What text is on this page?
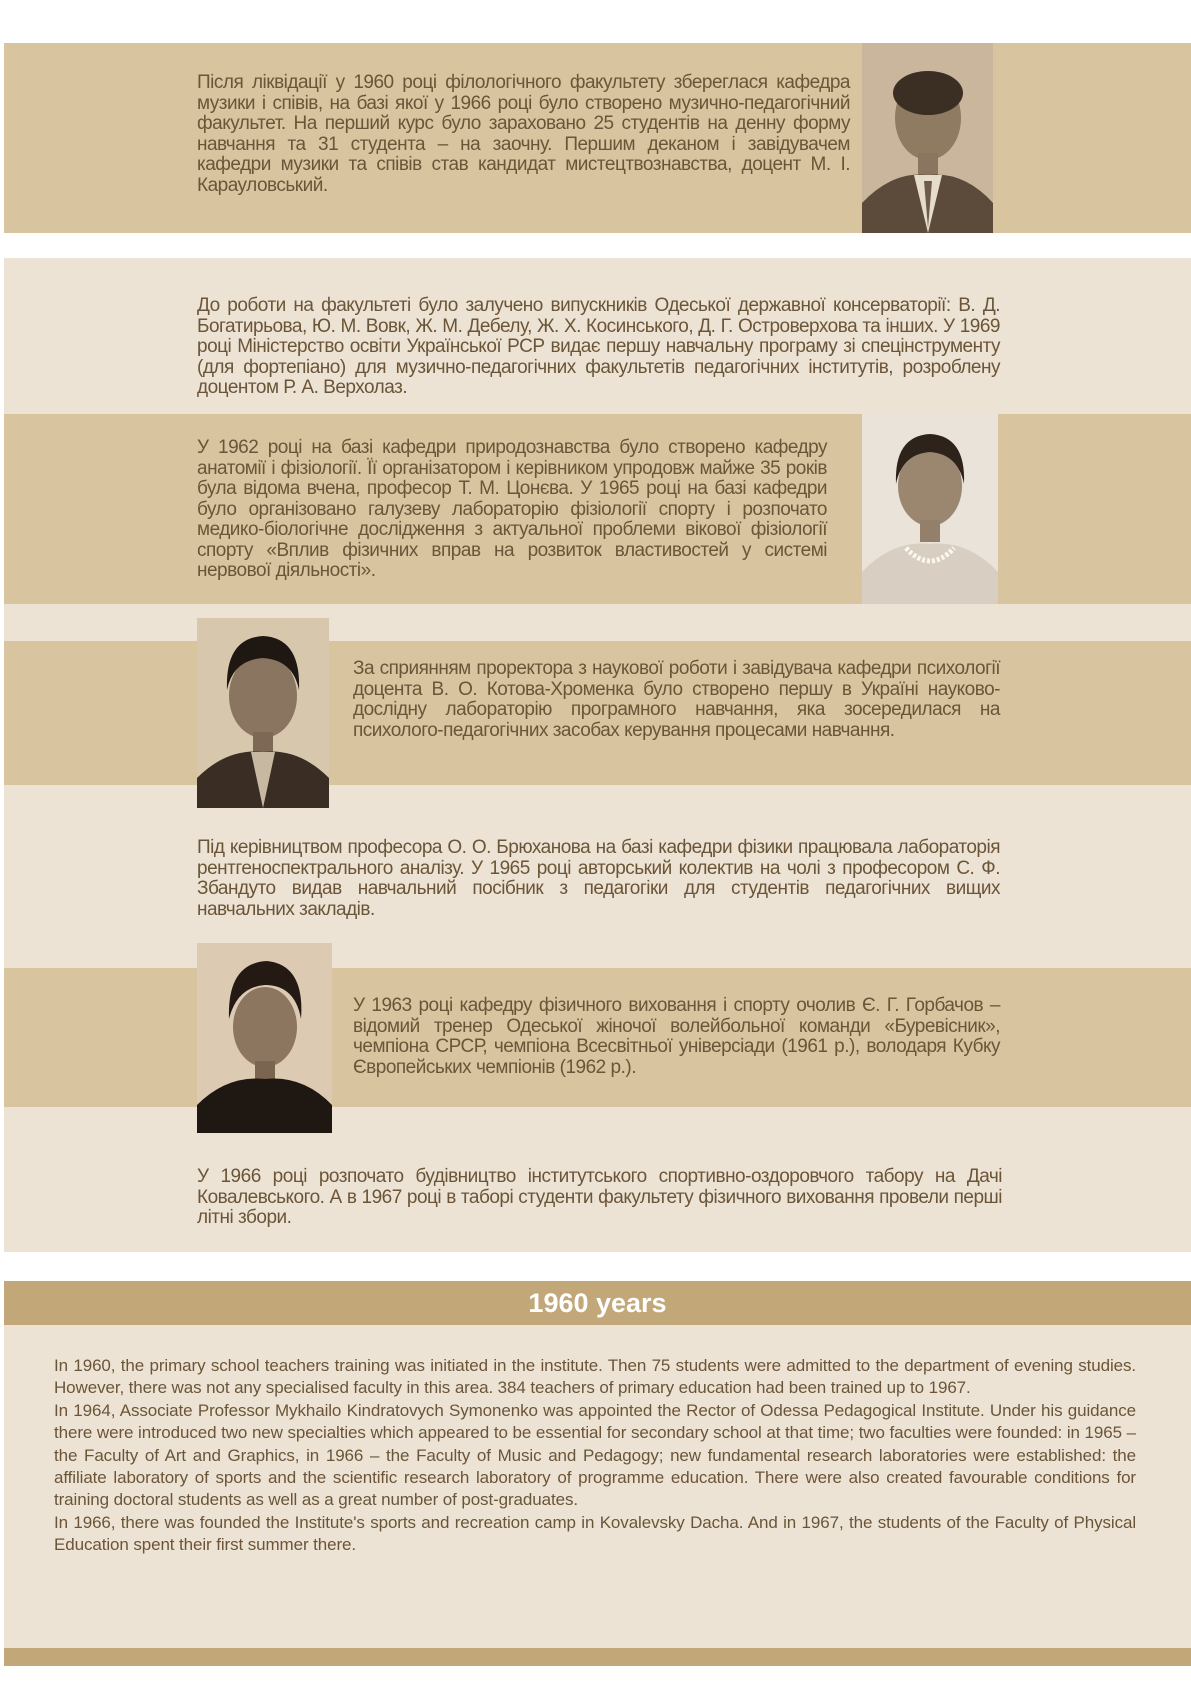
1960 years

Після ліквідації у 1960 році філологічного факультету збереглася кафедра музики і співів, на базі якої у 1966 році було створено музично-педагогічний факультет. На перший курс було зараховано 25 студентів на денну форму навчання та 31 студента – на заочну. Першим деканом і завідувачем кафедри музики та співів став кандидат мистецтвознавства, доцент М. І. Карауловський.

До роботи на факультеті було залучено випускників Одеської державної консерваторії: В. Д. Богатирьова, Ю. М. Вовк, Ж. М. Дебелу, Ж. Х. Косинського, Д. Г. Островерхова та інших. У 1969 році Міністерство освіти Української РСР видає першу навчальну програму зі спецінструменту (для фортепіано) для музично-педагогічних факультетів педагогічних інститутів, розроблену доцентом Р. А. Верхолаз.

У 1962 році на базі кафедри природознавства було створено кафедру анатомії і фізіології. Її організатором і керівником упродовж майже 35 років була відома вчена, професор Т. М. Цонєва. У 1965 році на базі кафедри було організовано галузеву лабораторію фізіології спорту і розпочато медико-біологічне дослідження з актуальної проблеми вікової фізіології спорту «Вплив фізичних вправ на розвиток властивостей у системі нервової діяльності».

За сприянням проректора з наукової роботи і завідувача кафедри психології доцента В. О. Котова-Хроменка було створено першу в Україні науково-дослідну лабораторію програмного навчання, яка зосередилася на психолого-педагогічних засобах керування процесами навчання.

Під керівництвом професора О. О. Брюханова на базі кафедри фізики працювала лабораторія рентгеноспектрального аналізу. У 1965 році авторський колектив на чолі з професором С. Ф. Збандуто видав навчальний посібник з педагогіки для студентів педагогічних вищих навчальних закладів.

У 1963 році кафедру фізичного виховання і спорту очолив Є. Г. Горбачов – відомий тренер Одеської жіночої волейбольної команди «Буревісник», чемпіона СРСР, чемпіона Всесвітньої універсіади (1961 р.), володаря Кубку Європейських чемпіонів (1962 р.).

У 1966 році розпочато будівництво інститутського спортивно-оздоровчого табору на Дачі Ковалевського. А в 1967 році в таборі студенти факультету фізичного виховання провели перші літні збори.

In 1960, the primary school teachers training was initiated in the institute. Then 75 students were admitted to the department of evening studies. However, there was not any specialised faculty in this area. 384 teachers of primary education had been trained up to 1967.

In 1964, Associate Professor Mykhailo Kindratovych Symonenko was appointed the Rector of Odessa Pedagogical Institute. Under his guidance there were introduced two new specialties which appeared to be essential for secondary school at that time; two faculties were founded: in 1965 – the Faculty of Art and Graphics, in 1966 – the Faculty of Music and Pedagogy; new fundamental research laboratories were established: the affiliate laboratory of sports and the scientific research laboratory of programme education. There were also created favourable conditions for training doctoral students as well as a great number of post-graduates.

In 1966, there was founded the Institute's sports and recreation camp in Kovalevsky Dacha. And in 1967, the students of the Faculty of Physical Education spent their first summer there.
